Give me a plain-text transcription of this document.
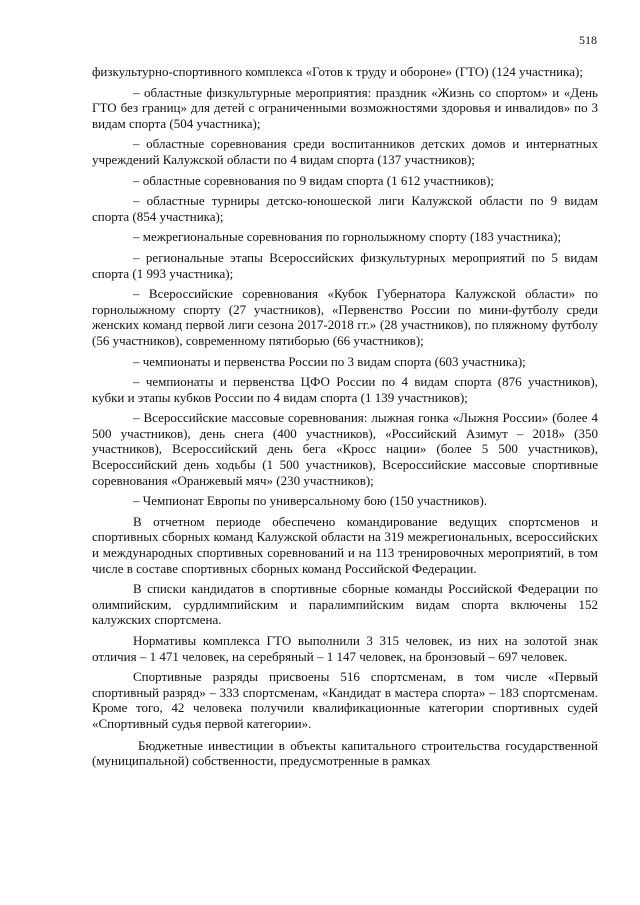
518

физкультурно-спортивного комплекса «Готов к труду и обороне» (ГТО) (124 участника);

– областные физкультурные мероприятия: праздник «Жизнь со спортом» и «День ГТО без границ» для детей с ограниченными возможностями здоровья и инвалидов» по 3 видам спорта (504 участника);

– областные соревнования среди воспитанников детских домов и интернатных учреждений Калужской области по 4 видам спорта (137 участников);

– областные соревнования по 9 видам спорта (1 612 участников);

– областные турниры детско-юношеской лиги Калужской области по 9 видам спорта (854 участника);

– межрегиональные соревнования по горнолыжному спорту (183 участника);

– региональные этапы Всероссийских физкультурных мероприятий по 5 видам спорта (1 993 участника);

– Всероссийские соревнования «Кубок Губернатора Калужской области» по горнолыжному спорту (27 участников), «Первенство России по мини-футболу среди женских команд первой лиги сезона 2017-2018 гг.» (28 участников), по пляжному футболу (56 участников), современному пятиборью (66 участников);

– чемпионаты и первенства России по 3 видам спорта (603 участника);

– чемпионаты и первенства ЦФО России по 4 видам спорта (876 участников), кубки и этапы кубков России по 4 видам спорта (1 139 участников);

– Всероссийские массовые соревнования: лыжная гонка «Лыжня России» (более 4 500 участников), день снега (400 участников), «Российский Азимут – 2018» (350 участников), Всероссийский день бега «Кросс нации» (более 5 500 участников), Всероссийский день ходьбы (1 500 участников), Всероссийские массовые спортивные соревнования «Оранжевый мяч» (230 участников);

– Чемпионат Европы по универсальному бою (150 участников).

В отчетном периоде обеспечено командирование ведущих спортсменов и спортивных сборных команд Калужской области на 319 межрегиональных, всероссийских и международных спортивных соревнований и на 113 тренировочных мероприятий, в том числе в составе спортивных сборных команд Российской Федерации.

В списки кандидатов в спортивные сборные команды Российской Федерации по олимпийским, сурдлимпийским и паралимпийским видам спорта включены 152 калужских спортсмена.

Нормативы комплекса ГТО выполнили 3 315 человек, из них на золотой знак отличия – 1 471 человек, на серебряный – 1 147 человек, на бронзовый – 697 человек.

Спортивные разряды присвоены 516 спортсменам, в том числе «Первый спортивный разряд» – 333 спортсменам, «Кандидат в мастера спорта» – 183 спортсменам. Кроме того, 42 человека получили квалификационные категории спортивных судей «Спортивный судья первой категории».

Бюджетные инвестиции в объекты капитального строительства государственной (муниципальной) собственности, предусмотренные в рамках
